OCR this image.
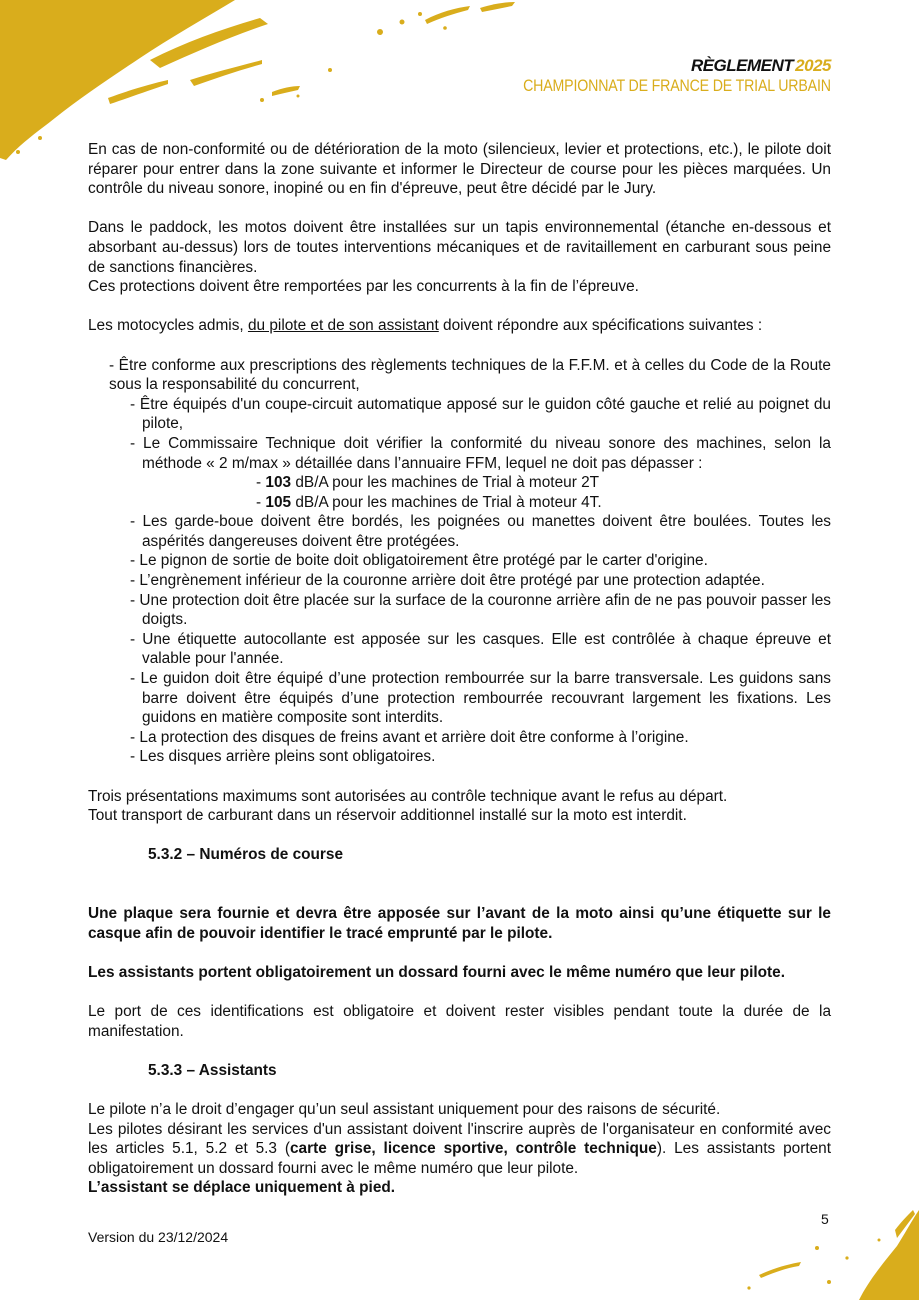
RÈGLEMENT 2025
CHAMPIONNAT DE FRANCE DE TRIAL URBAIN

En cas de non-conformité ou de détérioration de la moto (silencieux, levier et protections, etc.), le pilote doit réparer pour entrer dans la zone suivante et informer le Directeur de course pour les pièces marquées. Un contrôle du niveau sonore, inopiné ou en fin d'épreuve, peut être décidé par le Jury.

Dans le paddock, les motos doivent être installées sur un tapis environnemental (étanche en-dessous et absorbant au-dessus) lors de toutes interventions mécaniques et de ravitaillement en carburant sous peine de sanctions financières.

Ces protections doivent être remportées par les concurrents à la fin de l’épreuve.

Les motocycles admis, du pilote et de son assistant doivent répondre aux spécifications suivantes :

- Être conforme aux prescriptions des règlements techniques de la F.F.M. et à celles du Code de la Route sous la responsabilité du concurrent,

- Être équipés d'un coupe-circuit automatique apposé sur le guidon côté gauche et relié au poignet du pilote,

- Le Commissaire Technique doit vérifier la conformité du niveau sonore des machines, selon la méthode « 2 m/max » détaillée dans l’annuaire FFM, lequel ne doit pas dépasser :

- 103 dB/A pour les machines de Trial à moteur 2T

- 105 dB/A pour les machines de Trial à moteur 4T.

- Les garde-boue doivent être bordés, les poignées ou manettes doivent être boulées. Toutes les aspérités dangereuses doivent être protégées.

- Le pignon de sortie de boite doit obligatoirement être protégé par le carter d'origine.

- L’engrènement inférieur de la couronne arrière doit être protégé par une protection adaptée.

- Une protection doit être placée sur la surface de la couronne arrière afin de ne pas pouvoir passer les doigts.

- Une étiquette autocollante est apposée sur les casques. Elle est contrôlée à chaque épreuve et valable pour l'année.

- Le guidon doit être équipé d’une protection rembourrée sur la barre transversale. Les guidons sans barre doivent être équipés d’une protection rembourrée recouvrant largement les fixations. Les guidons en matière composite sont interdits.

- La protection des disques de freins avant et arrière doit être conforme à l’origine.

- Les disques arrière pleins sont obligatoires.

Trois présentations maximums sont autorisées au contrôle technique avant le refus au départ.

Tout transport de carburant dans un réservoir additionnel installé sur la moto est interdit.

5.3.2 – Numéros de course

Une plaque sera fournie et devra être apposée sur l’avant de la moto ainsi qu’une étiquette sur le casque afin de pouvoir identifier le tracé emprunté par le pilote.

Les assistants portent obligatoirement un dossard fourni avec le même numéro que leur pilote.

Le port de ces identifications est obligatoire et doivent rester visibles pendant toute la durée de la manifestation.

5.3.3 – Assistants

Le pilote n’a le droit d’engager qu’un seul assistant uniquement pour des raisons de sécurité.

Les pilotes désirant les services d'un assistant doivent l'inscrire auprès de l'organisateur en conformité avec les articles 5.1, 5.2 et 5.3 (carte grise, licence sportive, contrôle technique). Les assistants portent obligatoirement un dossard fourni avec le même numéro que leur pilote.

L’assistant se déplace uniquement à pied.

Version du 23/12/2024
5
